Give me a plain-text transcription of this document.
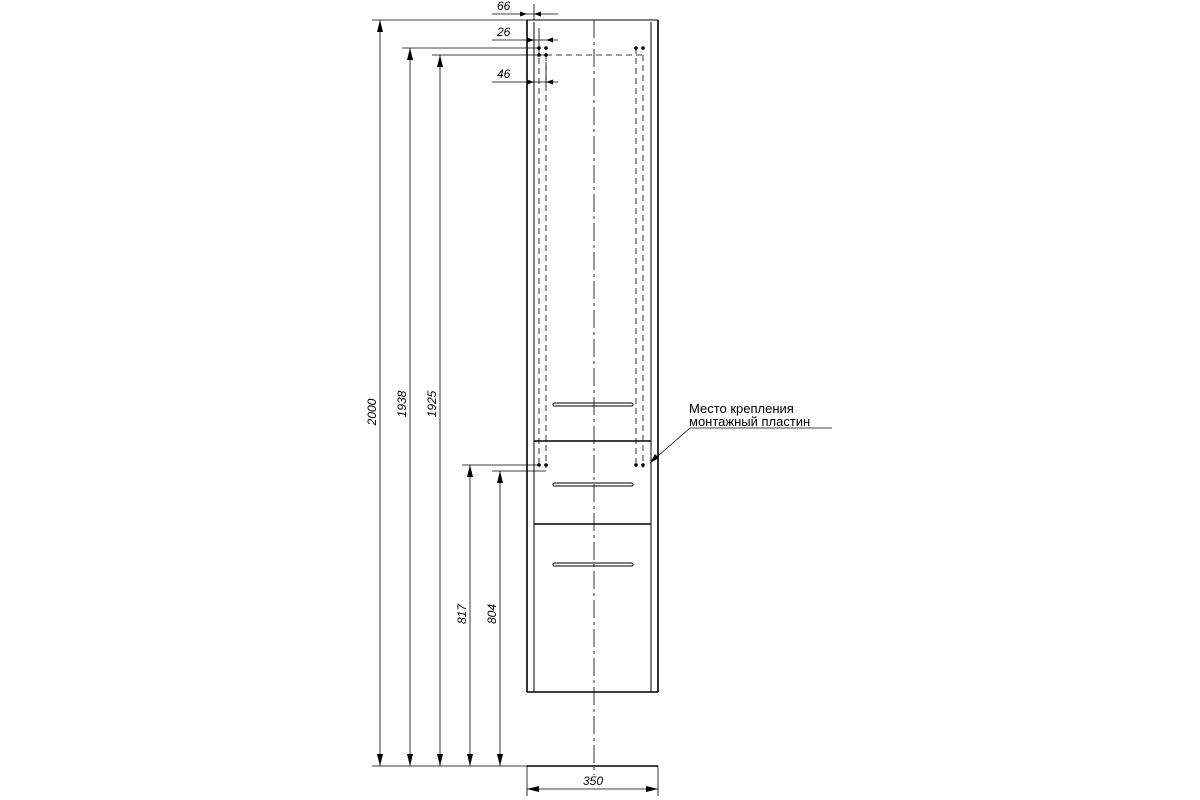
2000 1938 1925
817 804
66
26
46
350
Место крепления
монтажный пластин
